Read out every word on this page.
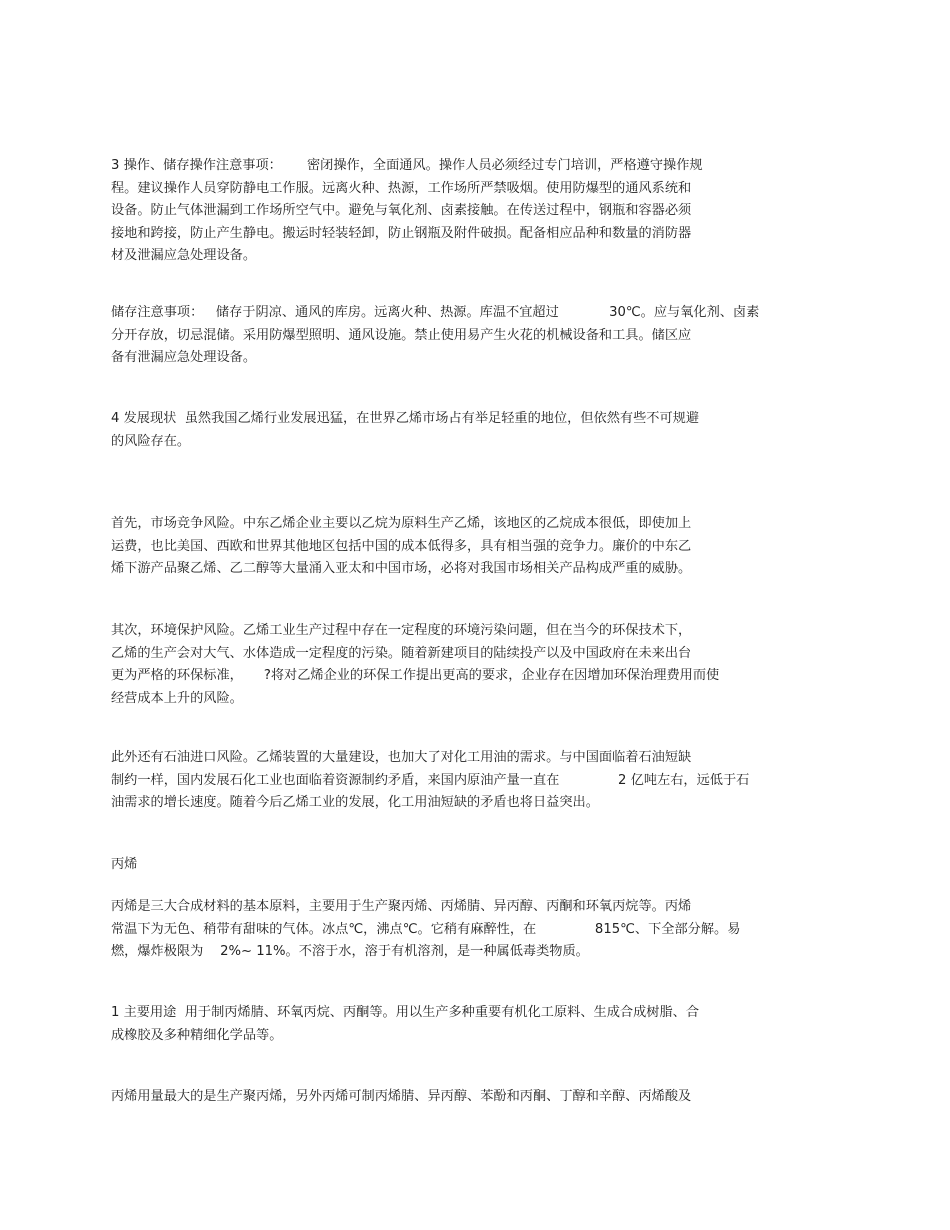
3 操作、储存操作注意事项：      密闭操作，全面通风。操作人员必须经过专门培训，严格遵守操作规
程。建议操作人员穿防静电工作服。远离火种、热源，工作场所严禁吸烟。使用防爆型的通风系统和
设备。防止气体泄漏到工作场所空气中。避免与氧化剂、卤素接触。在传送过程中，钢瓶和容器必须
接地和跨接，防止产生静电。搬运时轻装轻卸，防止钢瓶及附件破损。配备相应品种和数量的消防器
材及泄漏应急处理设备。

储存注意事项：   储存于阴凉、通风的库房。远离火种、热源。库温不宜超过            30℃。应与氧化剂、卤素
分开存放，切忌混储。采用防爆型照明、通风设施。禁止使用易产生火花的机械设备和工具。储区应
备有泄漏应急处理设备。

4 发展现状  虽然我国乙烯行业发展迅猛，在世界乙烯市场占有举足轻重的地位，但依然有些不可规避
的风险存在。

首先，市场竞争风险。中东乙烯企业主要以乙烷为原料生产乙烯，该地区的乙烷成本很低，即使加上
运费，也比美国、西欧和世界其他地区包括中国的成本低得多，具有相当强的竞争力。廉价的中东乙
烯下游产品聚乙烯、乙二醇等大量涌入亚太和中国市场，必将对我国市场相关产品构成严重的威胁。

其次，环境保护风险。乙烯工业生产过程中存在一定程度的环境污染问题，但在当今的环保技术下，
乙烯的生产会对大气、水体造成一定程度的污染。随着新建项目的陆续投产以及中国政府在未来出台
更为严格的环保标准，     ?将对乙烯企业的环保工作提出更高的要求，企业存在因增加环保治理费用而使
经营成本上升的风险。

此外还有石油进口风险。乙烯装置的大量建设，也加大了对化工用油的需求。与中国面临着石油短缺
制约一样，国内发展石化工业也面临着资源制约矛盾，来国内原油产量一直在              2 亿吨左右，远低于石
油需求的增长速度。随着今后乙烯工业的发展，化工用油短缺的矛盾也将日益突出。

丙烯

丙烯是三大合成材料的基本原料，主要用于生产聚丙烯、丙烯腈、异丙醇、丙酮和环氧丙烷等。丙烯
常温下为无色、稍带有甜味的气体。冰点℃，沸点℃。它稍有麻醉性，在              815℃、下全部分解。易
燃，爆炸极限为    2%~ 11%。不溶于水，溶于有机溶剂，是一种属低毒类物质。

1 主要用途  用于制丙烯腈、环氧丙烷、丙酮等。用以生产多种重要有机化工原料、生成合成树脂、合
成橡胶及多种精细化学品等。

丙烯用量最大的是生产聚丙烯，另外丙烯可制丙烯腈、异丙醇、苯酚和丙酮、丁醇和辛醇、丙烯酸及
